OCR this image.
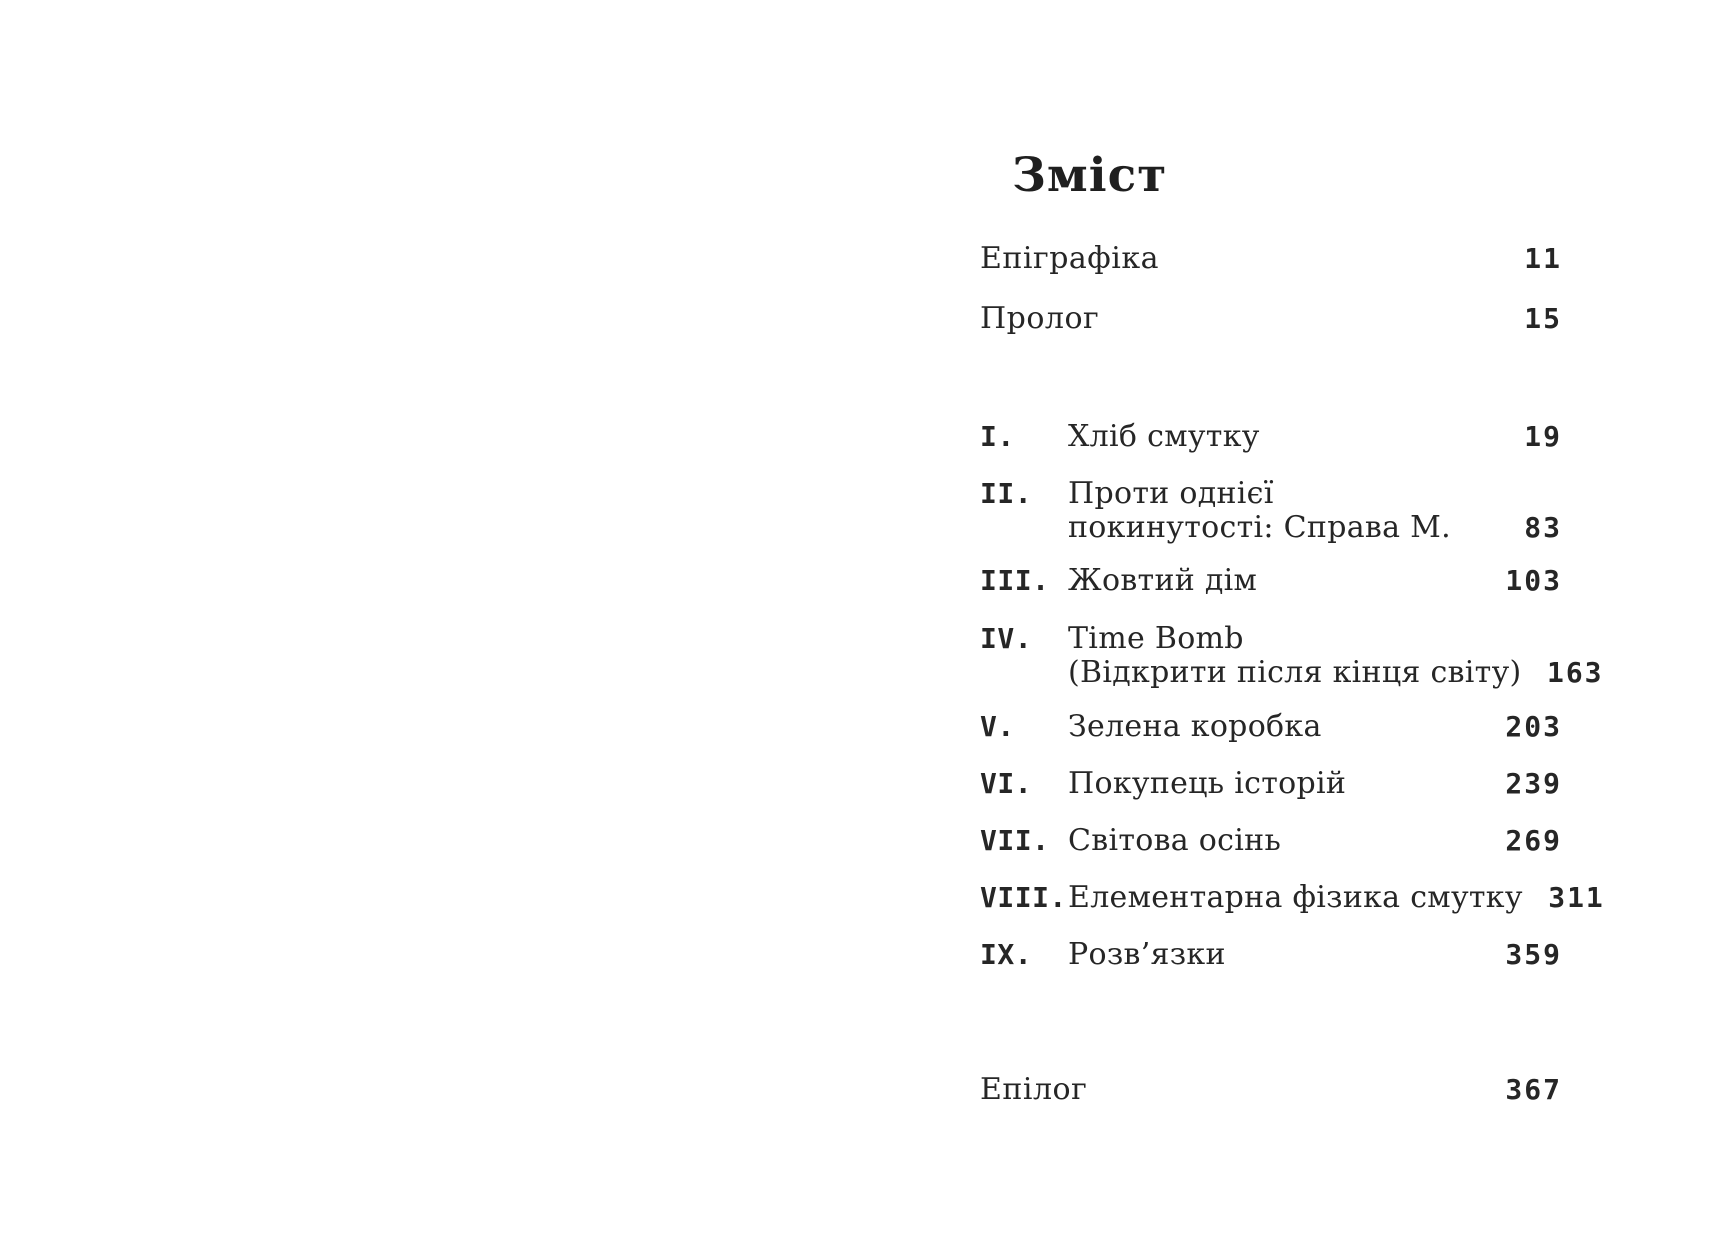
Зміст
Епіграфіка	11
Пролог	15
I.	Хліб смутку	19
II.	Проти однієї
покинутості: Справа М.	83
III. Жовтий дім	103
IV.	Time Bomb
(Відкрити після кінця світу) 163
V.	Зелена коробка	203
VI.	Покупець історій	239
VII. Світова осінь	269
VIII. Елементарна фізика смутку 311
IX.	Розв’язки	359
Епілог	367
